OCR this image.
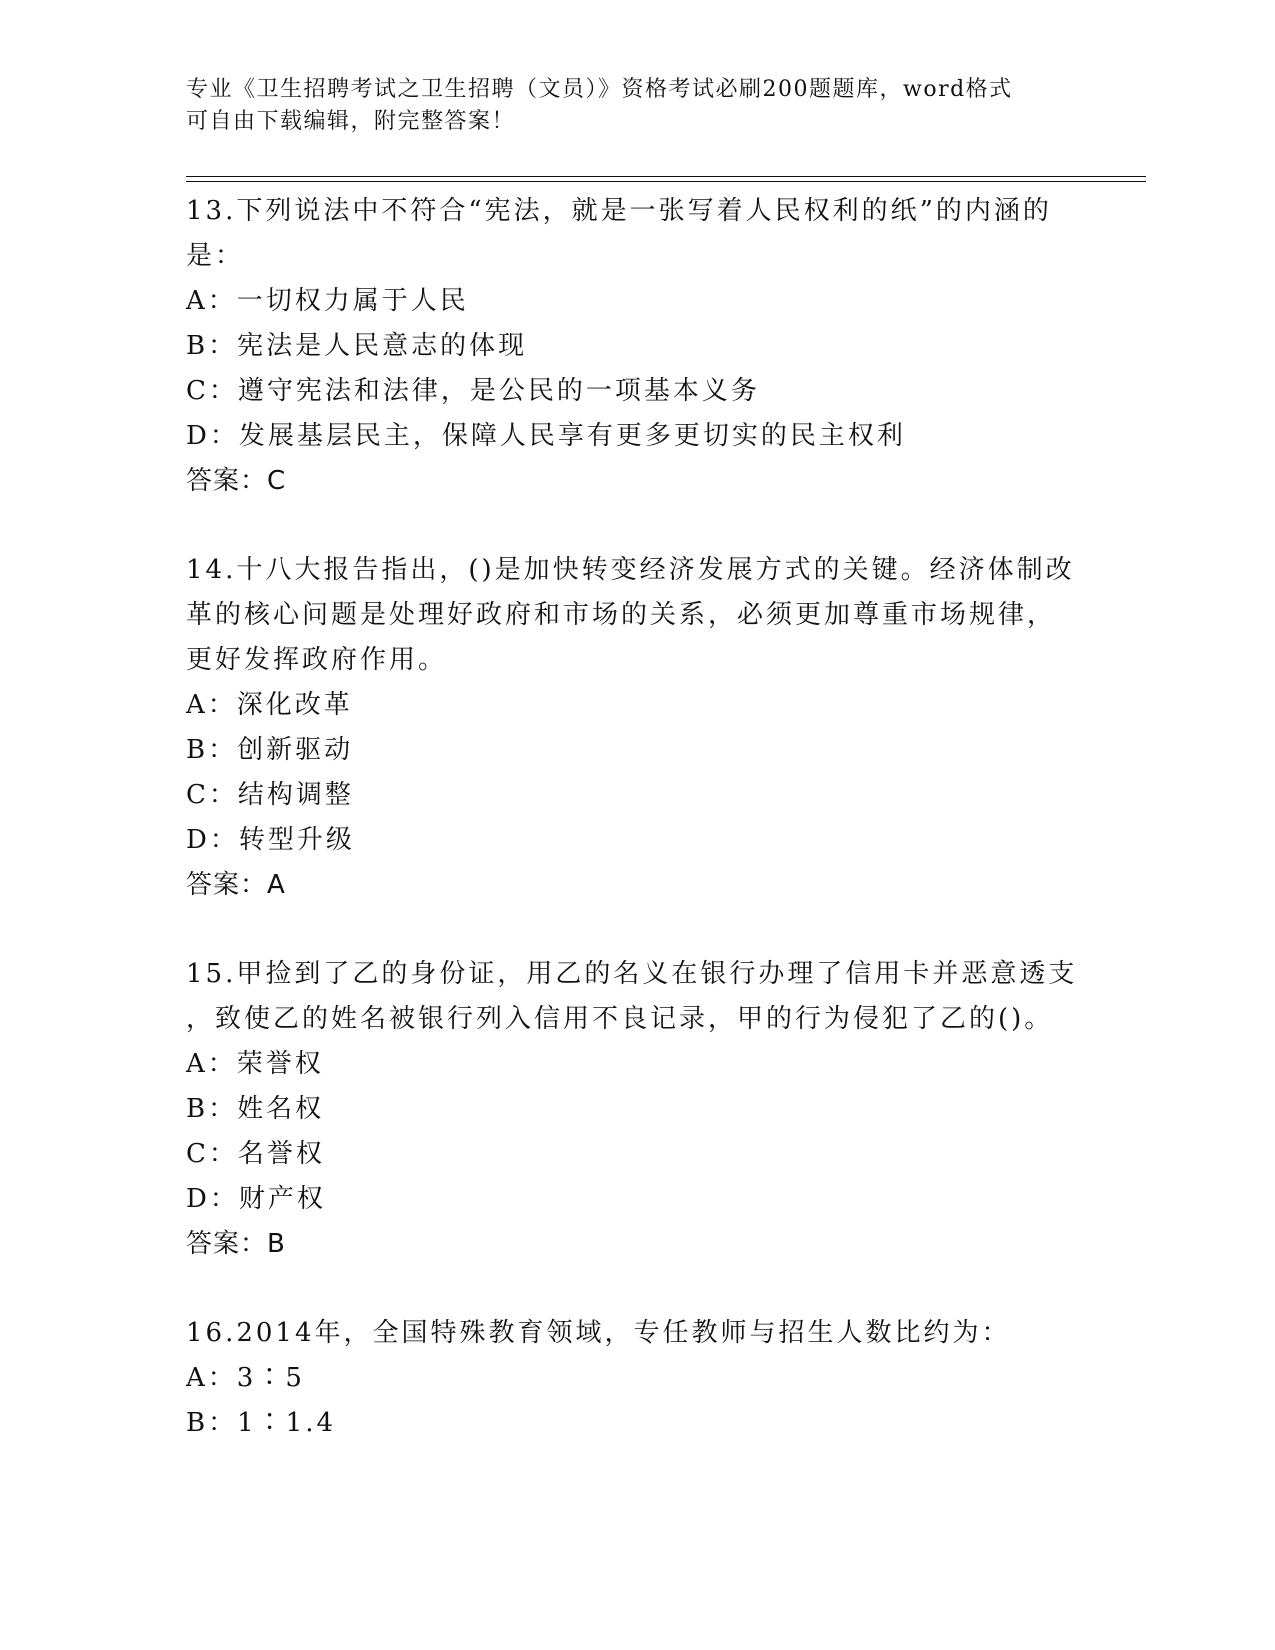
专业《卫生招聘考试之卫生招聘（文员）》资格考试必刷200题题库，word格式
可自由下载编辑，附完整答案！

13.下列说法中不符合“宪法，就是一张写着人民权利的纸”的内涵的

是：

A：一切权力属于人民

B：宪法是人民意志的体现

C：遵守宪法和法律，是公民的一项基本义务

D：发展基层民主，保障人民享有更多更切实的民主权利

答案：C

14.十八大报告指出，()是加快转变经济发展方式的关键。经济体制改

革的核心问题是处理好政府和市场的关系，必须更加尊重市场规律，

更好发挥政府作用。

A：深化改革

B：创新驱动

C：结构调整

D：转型升级

答案：A

15.甲捡到了乙的身份证，用乙的名义在银行办理了信用卡并恶意透支

，致使乙的姓名被银行列入信用不良记录，甲的行为侵犯了乙的()。

A：荣誉权

B：姓名权

C：名誉权

D：财产权

答案：B

16.2014年，全国特殊教育领域，专任教师与招生人数比约为：

A：3∶5

B：1∶1.4
